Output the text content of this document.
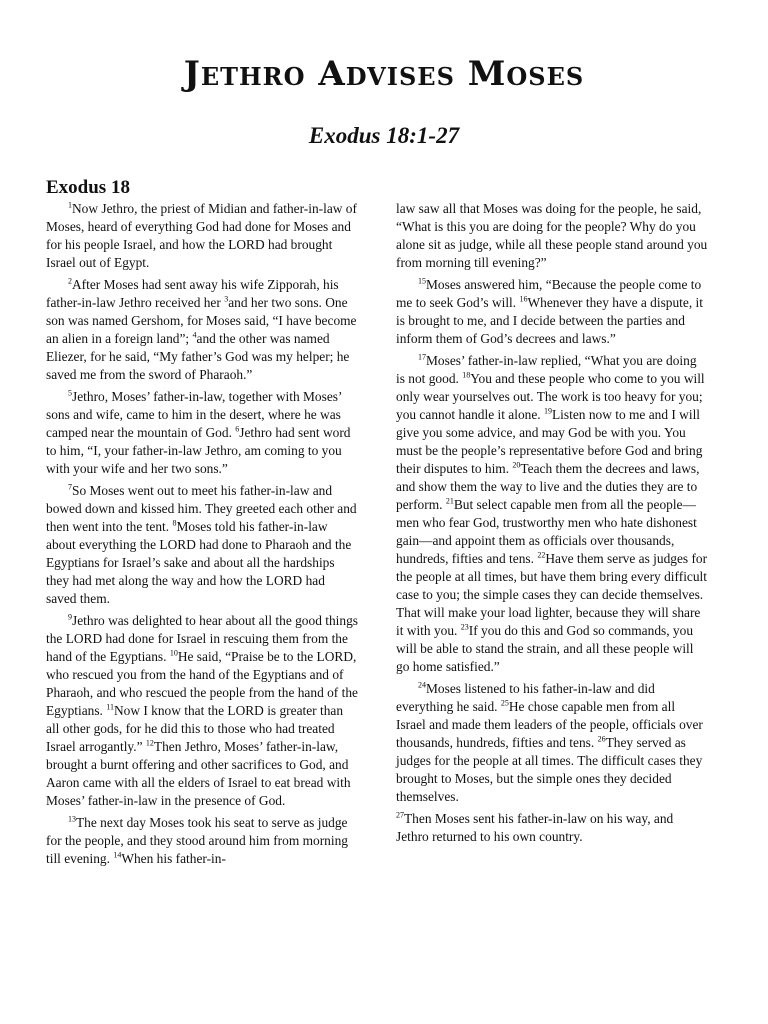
Jethro Advises Moses
Exodus 18:1-27
Exodus 18

$^1$Now Jethro, the priest of Midian and father-in-law of Moses, heard of everything God had done for Moses and for his people Israel, and how the LORD had brought Israel out of Egypt.

$^2$After Moses had sent away his wife Zipporah, his father-in-law Jethro received her $^3$and her two sons. One son was named Gershom, for Moses said, “I have become an alien in a foreign land”; $^4$and the other was named Eliezer, for he said, “My father’s God was my helper; he saved me from the sword of Pharaoh.”

$^5$Jethro, Moses’ father-in-law, together with Moses’ sons and wife, came to him in the desert, where he was camped near the mountain of God. $^6$Jethro had sent word to him, “I, your father-in-law Jethro, am coming to you with your wife and her two sons.”

$^7$So Moses went out to meet his father-in-law and bowed down and kissed him. They greeted each other and then went into the tent. $^8$Moses told his father-in-law about everything the LORD had done to Pharaoh and the Egyptians for Israel’s sake and about all the hardships they had met along the way and how the LORD had saved them.

$^9$Jethro was delighted to hear about all the good things the LORD had done for Israel in rescuing them from the hand of the Egyptians. $^{10}$He said, “Praise be to the LORD, who rescued you from the hand of the Egyptians and of Pharaoh, and who rescued the people from the hand of the Egyptians. $^{11}$Now I know that the LORD is greater than all other gods, for he did this to those who had treated Israel arrogantly.” $^{12}$Then Jethro, Moses’ father-in-law, brought a burnt offering and other sacrifices to God, and Aaron came with all the elders of Israel to eat bread with Moses’ father-in-law in the presence of God.

$^{13}$The next day Moses took his seat to serve as judge for the people, and they stood around him from morning till evening. $^{14}$When his father-in-

law saw all that Moses was doing for the people, he said, “What is this you are doing for the people? Why do you alone sit as judge, while all these people stand around you from morning till evening?”

$^{15}$Moses answered him, “Because the people come to me to seek God’s will. $^{16}$Whenever they have a dispute, it is brought to me, and I decide between the parties and inform them of God’s decrees and laws.”

$^{17}$Moses’ father-in-law replied, “What you are doing is not good. $^{18}$You and these people who come to you will only wear yourselves out. The work is too heavy for you; you cannot handle it alone. $^{19}$Listen now to me and I will give you some advice, and may God be with you. You must be the people’s representative before God and bring their disputes to him. $^{20}$Teach them the decrees and laws, and show them the way to live and the duties they are to perform. $^{21}$But select capable men from all the people—men who fear God, trustworthy men who hate dishonest gain—and appoint them as officials over thousands, hundreds, fifties and tens. $^{22}$Have them serve as judges for the people at all times, but have them bring every difficult case to you; the simple cases they can decide themselves. That will make your load lighter, because they will share it with you. $^{23}$If you do this and God so commands, you will be able to stand the strain, and all these people will go home satisfied.”

$^{24}$Moses listened to his father-in-law and did everything he said. $^{25}$He chose capable men from all Israel and made them leaders of the people, officials over thousands, hundreds, fifties and tens. $^{26}$They served as judges for the people at all times. The difficult cases they brought to Moses, but the simple ones they decided themselves.

$^{27}$Then Moses sent his father-in-law on his way, and Jethro returned to his own country.
